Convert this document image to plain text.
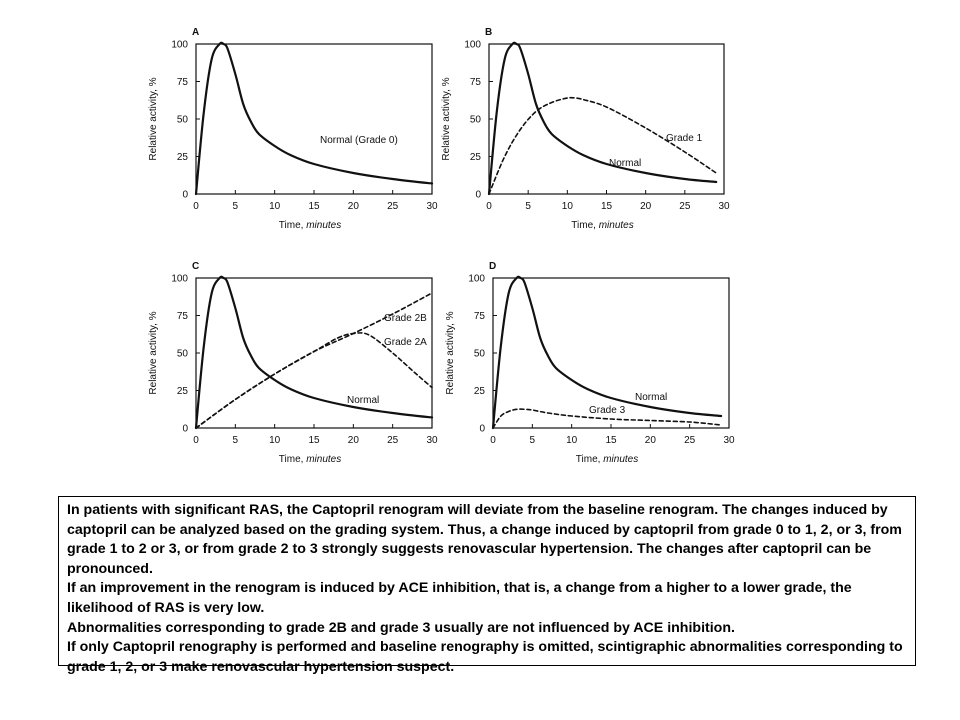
A
0
25
50
75
100
0	5	10	15	20	25	30
Time, minutes
Relative activity, %	Normal (Grade 0)
B
0
25
50
75
100
0	5	10	15	20	25	30
Time, minutes
Relative activity, %
Normal
Grade 1
C
0
25
50
75
100
0	5	10	15	20	25	30
Time, minutes
Relative activity, %
Normal
Grade 2B
Grade 2A
D
0
25
50
75
100
0	5	10	15	20	25	30
Time, minutes
Relative activity, %
Normal
Grade 3

In patients with significant RAS, the Captopril renogram will deviate from the baseline renogram. The changes induced by captopril can be analyzed based on the grading system. Thus, a change induced by captopril from grade 0 to 1, 2, or 3, from grade 1 to 2 or 3, or from grade 2 to 3 strongly suggests renovascular hypertension. The changes after captopril can be pronounced.

If an improvement in the renogram is induced by ACE inhibition, that is, a change from a higher to a lower grade, the likelihood of RAS is very low.

Abnormalities corresponding to grade 2B and grade 3 usually are not influenced by ACE inhibition.

If only Captopril renography is performed and baseline renography is omitted, scintigraphic abnormalities corresponding to grade 1, 2, or 3 make renovascular hypertension suspect.
